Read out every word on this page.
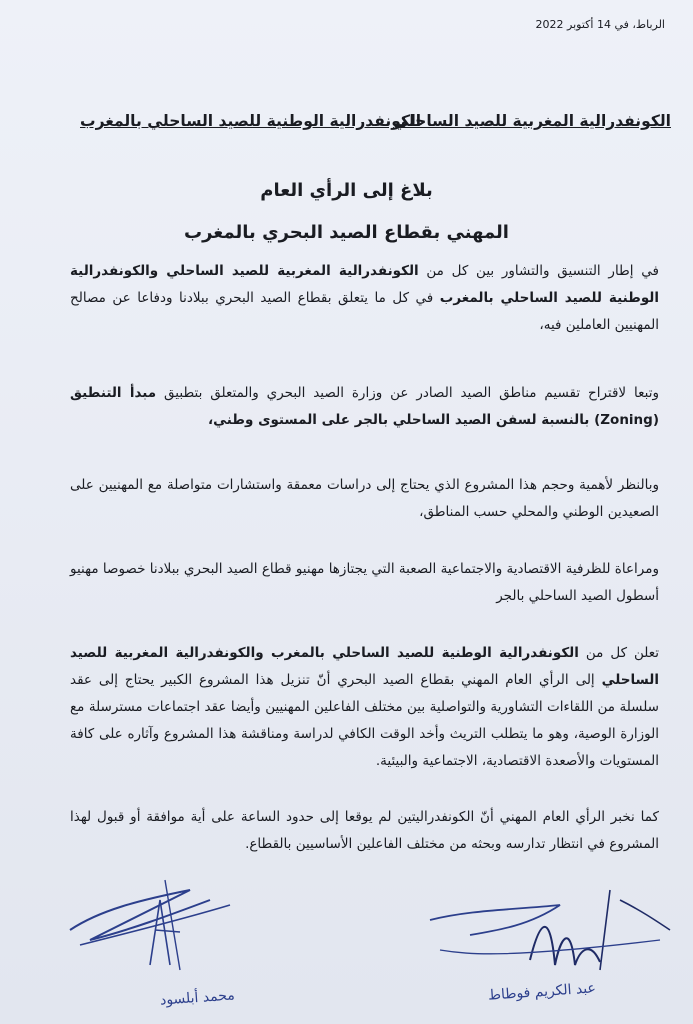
الرباط، في 14 أكتوبر 2022
الكونفدرالية المغربية للصيد الساحلي
الكونفدرالية الوطنية للصيد الساحلي بالمغرب
بلاغ إلى الرأي العام
المهني بقطاع الصيد البحري بالمغرب

في إطار التنسيق والتشاور بين كل من الكونفدرالية المغربية للصيد الساحلي والكونفدرالية الوطنية للصيد الساحلي بالمغرب في كل ما يتعلق بقطاع الصيد البحري ببلادنا ودفاعا عن مصالح المهنيين العاملين فيه،

وتبعا لاقتراح تقسيم مناطق الصيد الصادر عن وزارة الصيد البحري والمتعلق بتطبيق مبدأ التنطيق (Zoning) بالنسبة لسفن الصيد الساحلي بالجر على المستوى وطني،

وبالنظر لأهمية وحجم هذا المشروع الذي يحتاج إلى دراسات معمقة واستشارات متواصلة مع المهنيين على الصعيدين الوطني والمحلي حسب المناطق،

ومراعاة للظرفية الاقتصادية والاجتماعية الصعبة التي يجتازها مهنيو قطاع الصيد البحري ببلادنا خصوصا مهنيو أسطول الصيد الساحلي بالجر

تعلن كل من الكونفدرالية الوطنية للصيد الساحلي بالمغرب والكونفدرالية المغربية للصيد الساحلي إلى الرأي العام المهني بقطاع الصيد البحري أنّ تنزيل هذا المشروع الكبير يحتاج إلى عقد سلسلة من اللقاءات التشاورية والتواصلية بين مختلف الفاعلين المهنيين وأيضا عقد اجتماعات مسترسلة مع الوزارة الوصية، وهو ما يتطلب التريث وأخد الوقت الكافي لدراسة ومناقشة هذا المشروع وآثاره على كافة المستويات والأصعدة الاقتصادية، الاجتماعية والبيئية.

كما نخبر الرأي العام المهني أنّ الكونفدراليتين لم يوقعا إلى حدود الساعة على أية موافقة أو قبول لهذا المشروع في انتظار تدارسه وبحثه من مختلف الفاعلين الأساسيين بالقطاع.

محمد أبلسود	عبد الكريم فوطاط
